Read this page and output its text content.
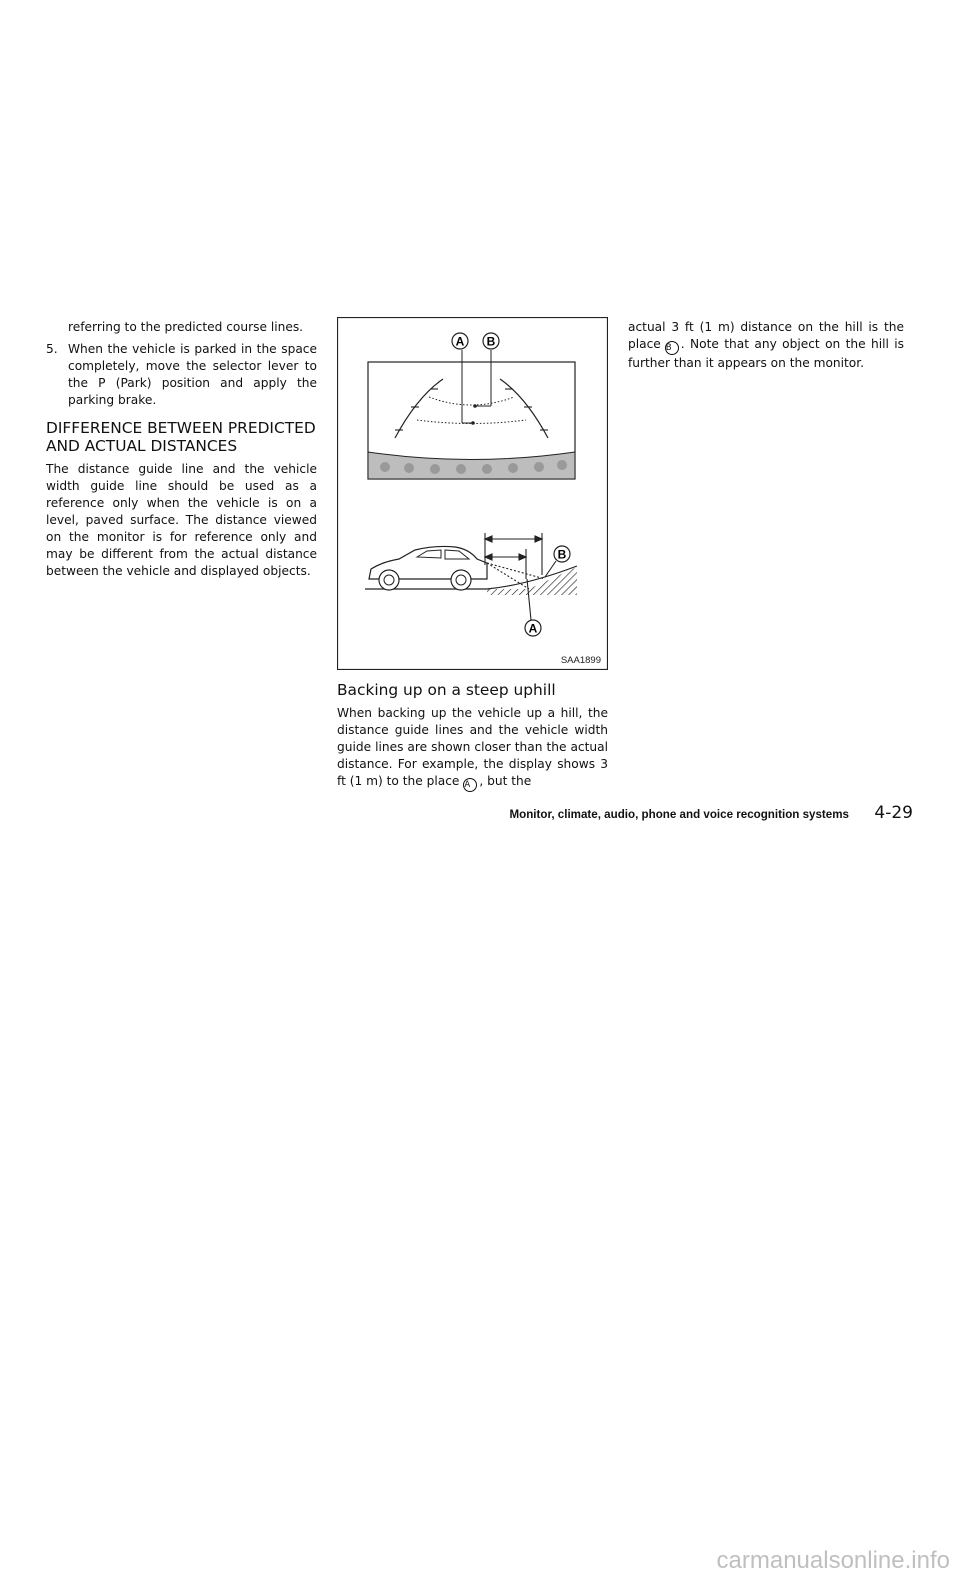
referring to the predicted course lines.

5. When the vehicle is parked in the space completely, move the selector lever to the P (Park) position and apply the parking brake.
DIFFERENCE BETWEEN PREDICTED
AND ACTUAL DISTANCES

The distance guide line and the vehicle width guide line should be used as a reference only when the vehicle is on a level, paved surface. The distance viewed on the monitor is for reference only and may be different from the actual distance between the vehicle and displayed objects.

A B
B
A
SAA1899
Backing up on a steep uphill

When backing up the vehicle up a hill, the distance guide lines and the vehicle width guide lines are shown closer than the actual distance. For example, the display shows 3 ft (1 m) to the place A , but the

actual 3 ft (1 m) distance on the hill is the place B . Note that any object on the hill is further than it appears on the monitor.

Monitor, climate, audio, phone and voice recognition systems 4-29
carmanualsonline.info
